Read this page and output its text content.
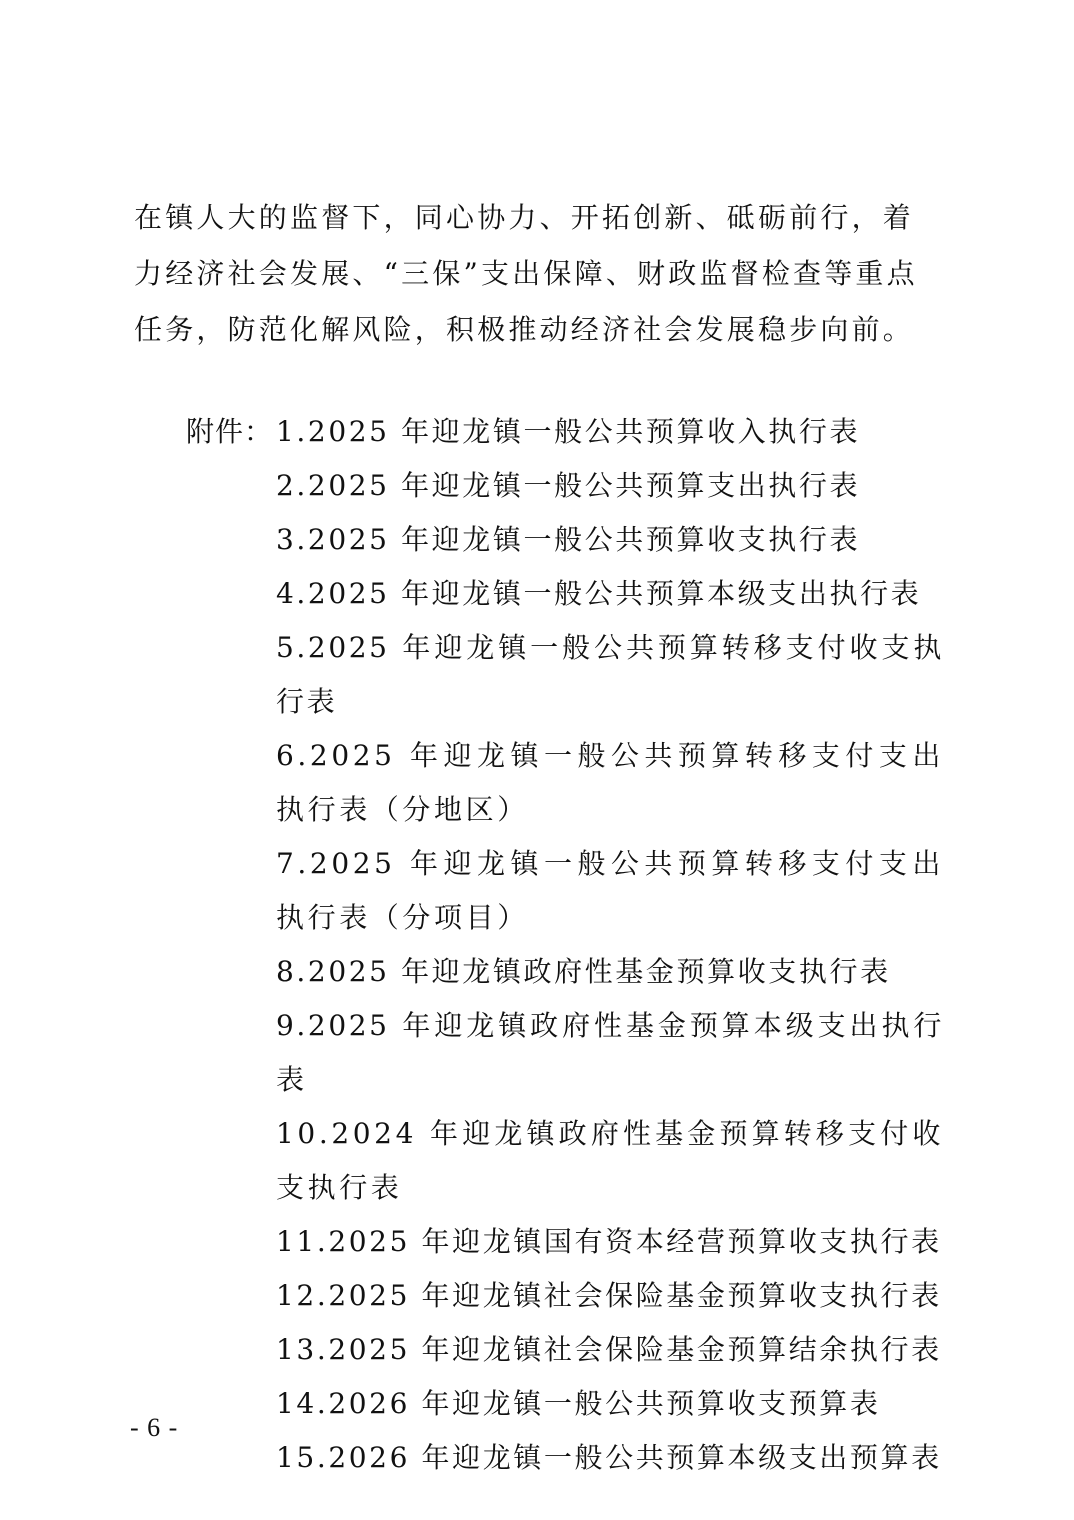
在镇人大的监督下，同心协力、开拓创新、砥砺前行，着力经济社会发展、“三保”支出保障、财政监督检查等重点任务，防范化解风险，积极推动经济社会发展稳步向前。

附件： 1.2025 年迎龙镇一般公共预算收入执行表
2.2025 年迎龙镇一般公共预算支出执行表
3.2025 年迎龙镇一般公共预算收支执行表
4.2025 年迎龙镇一般公共预算本级支出执行表
5.2025 年迎龙镇一般公共预算转移支付收支执行表
6.2025 年迎龙镇一般公共预算转移支付支出执行表（分地区）
7.2025 年迎龙镇一般公共预算转移支付支出执行表（分项目）
8.2025 年迎龙镇政府性基金预算收支执行表
9.2025 年迎龙镇政府性基金预算本级支出执行表
10.2024 年迎龙镇政府性基金预算转移支付收支执行表
11.2025 年迎龙镇国有资本经营预算收支执行表
12.2025 年迎龙镇社会保险基金预算收支执行表
13.2025 年迎龙镇社会保险基金预算结余执行表
14.2026 年迎龙镇一般公共预算收支预算表
15.2026 年迎龙镇一般公共预算本级支出预算表
- 6 -
